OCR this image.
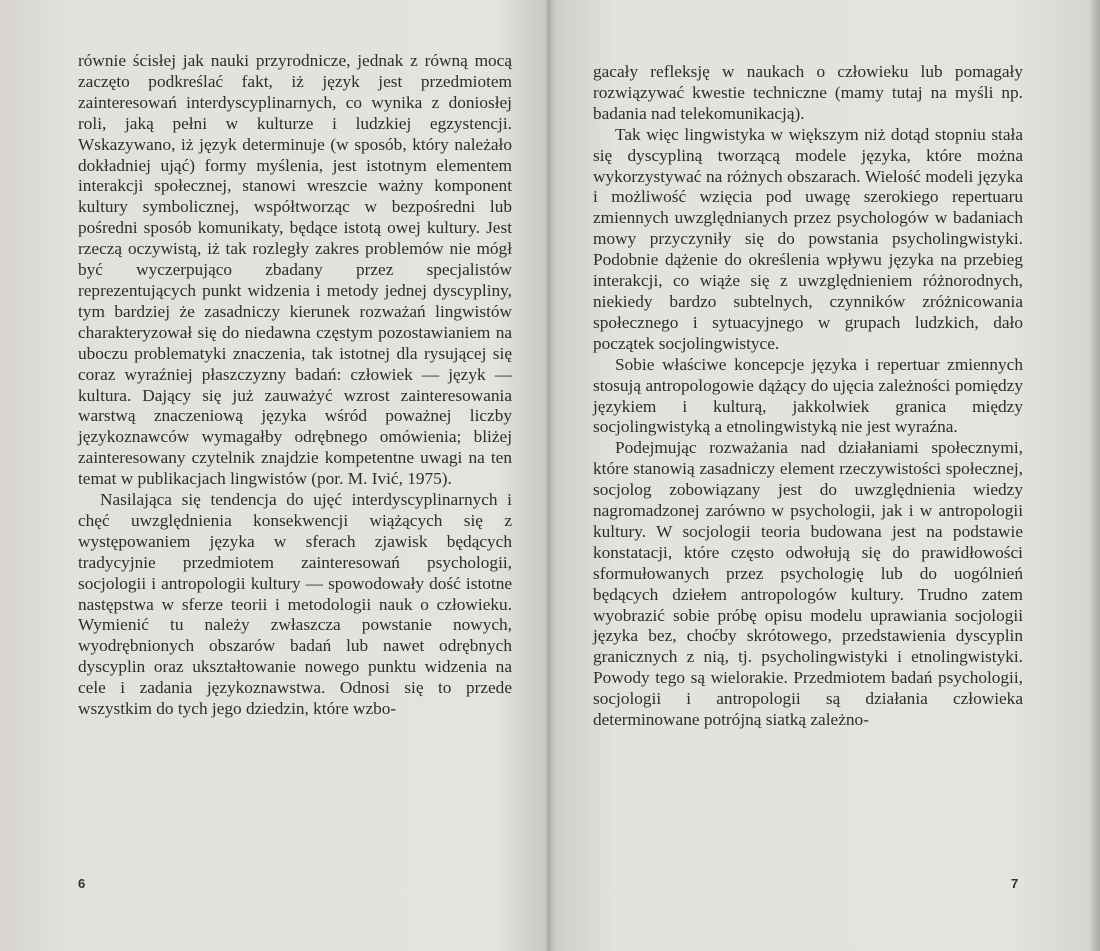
równie ścisłej jak nauki przyrodnicze, jednak z równą mocą zaczęto podkreślać fakt, iż język jest przedmiotem zainteresowań interdyscyplinarnych, co wynika z doniosłej roli, jaką pełni w kulturze i ludzkiej egzystencji. Wskazywano, iż język determinuje (w sposób, który należało dokładniej ująć) formy myślenia, jest istotnym elementem interakcji społecznej, stanowi wreszcie ważny komponent kultury symbolicznej, współtworząc w bezpośredni lub pośredni sposób komunikaty, będące istotą owej kultury. Jest rzeczą oczywistą, iż tak rozległy zakres problemów nie mógł być wyczerpująco zbadany przez specjalistów reprezentujących punkt widzenia i metody jednej dyscypliny, tym bardziej że zasadniczy kierunek rozważań lingwistów charakteryzował się do niedawna częstym pozostawianiem na uboczu problematyki znaczenia, tak istotnej dla rysującej się coraz wyraźniej płaszczyzny badań: człowiek — język — kultura. Dający się już zauważyć wzrost zainteresowania warstwą znaczeniową języka wśród poważnej liczby językoznawców wymagałby odrębnego omówienia; bliżej zainteresowany czytelnik znajdzie kompetentne uwagi na ten temat w publikacjach lingwistów (por. M. Ivić, 1975).

Nasilająca się tendencja do ujęć interdyscyplinarnych i chęć uwzględnienia konsekwencji wiążących się z występowaniem języka w sferach zjawisk będących tradycyjnie przedmiotem zainteresowań psychologii, socjologii i antropologii kultury — spowodowały dość istotne następstwa w sferze teorii i metodologii nauk o człowieku. Wymienić tu należy zwłaszcza powstanie nowych, wyodrębnionych obszarów badań lub nawet odrębnych dyscyplin oraz ukształtowanie nowego punktu widzenia na cele i zadania językoznawstwa. Odnosi się to przede wszystkim do tych jego dziedzin, które wzbo-

6

gacały refleksję w naukach o człowieku lub pomagały rozwiązywać kwestie techniczne (mamy tutaj na myśli np. badania nad telekomunikacją).

Tak więc lingwistyka w większym niż dotąd stopniu stała się dyscypliną tworzącą modele języka, które można wykorzystywać na różnych obszarach. Wielość modeli języka i możliwość wzięcia pod uwagę szerokiego repertuaru zmiennych uwzględnianych przez psychologów w badaniach mowy przyczyniły się do powstania psycholingwistyki. Podobnie dążenie do określenia wpływu języka na przebieg interakcji, co wiąże się z uwzględnieniem różnorodnych, niekiedy bardzo subtelnych, czynników zróżnicowania społecznego i sytuacyjnego w grupach ludzkich, dało początek socjolingwistyce.

Sobie właściwe koncepcje języka i repertuar zmiennych stosują antropologowie dążący do ujęcia zależności pomiędzy językiem i kulturą, jakkolwiek granica między socjolingwistyką a etnolingwistyką nie jest wyraźna.

Podejmując rozważania nad działaniami społecznymi, które stanowią zasadniczy element rzeczywistości społecznej, socjolog zobowiązany jest do uwzględnienia wiedzy nagromadzonej zarówno w psychologii, jak i w antropologii kultury. W socjologii teoria budowana jest na podstawie konstatacji, które często odwołują się do prawidłowości sformułowanych przez psychologię lub do uogólnień będących dziełem antropologów kultury. Trudno zatem wyobrazić sobie próbę opisu modelu uprawiania socjologii języka bez, choćby skrótowego, przedstawienia dyscyplin granicznych z nią, tj. psycholingwistyki i etnolingwistyki. Powody tego są wielorakie. Przedmiotem badań psychologii, socjologii i antropologii są działania człowieka determinowane potrójną siatką zależno-

7
